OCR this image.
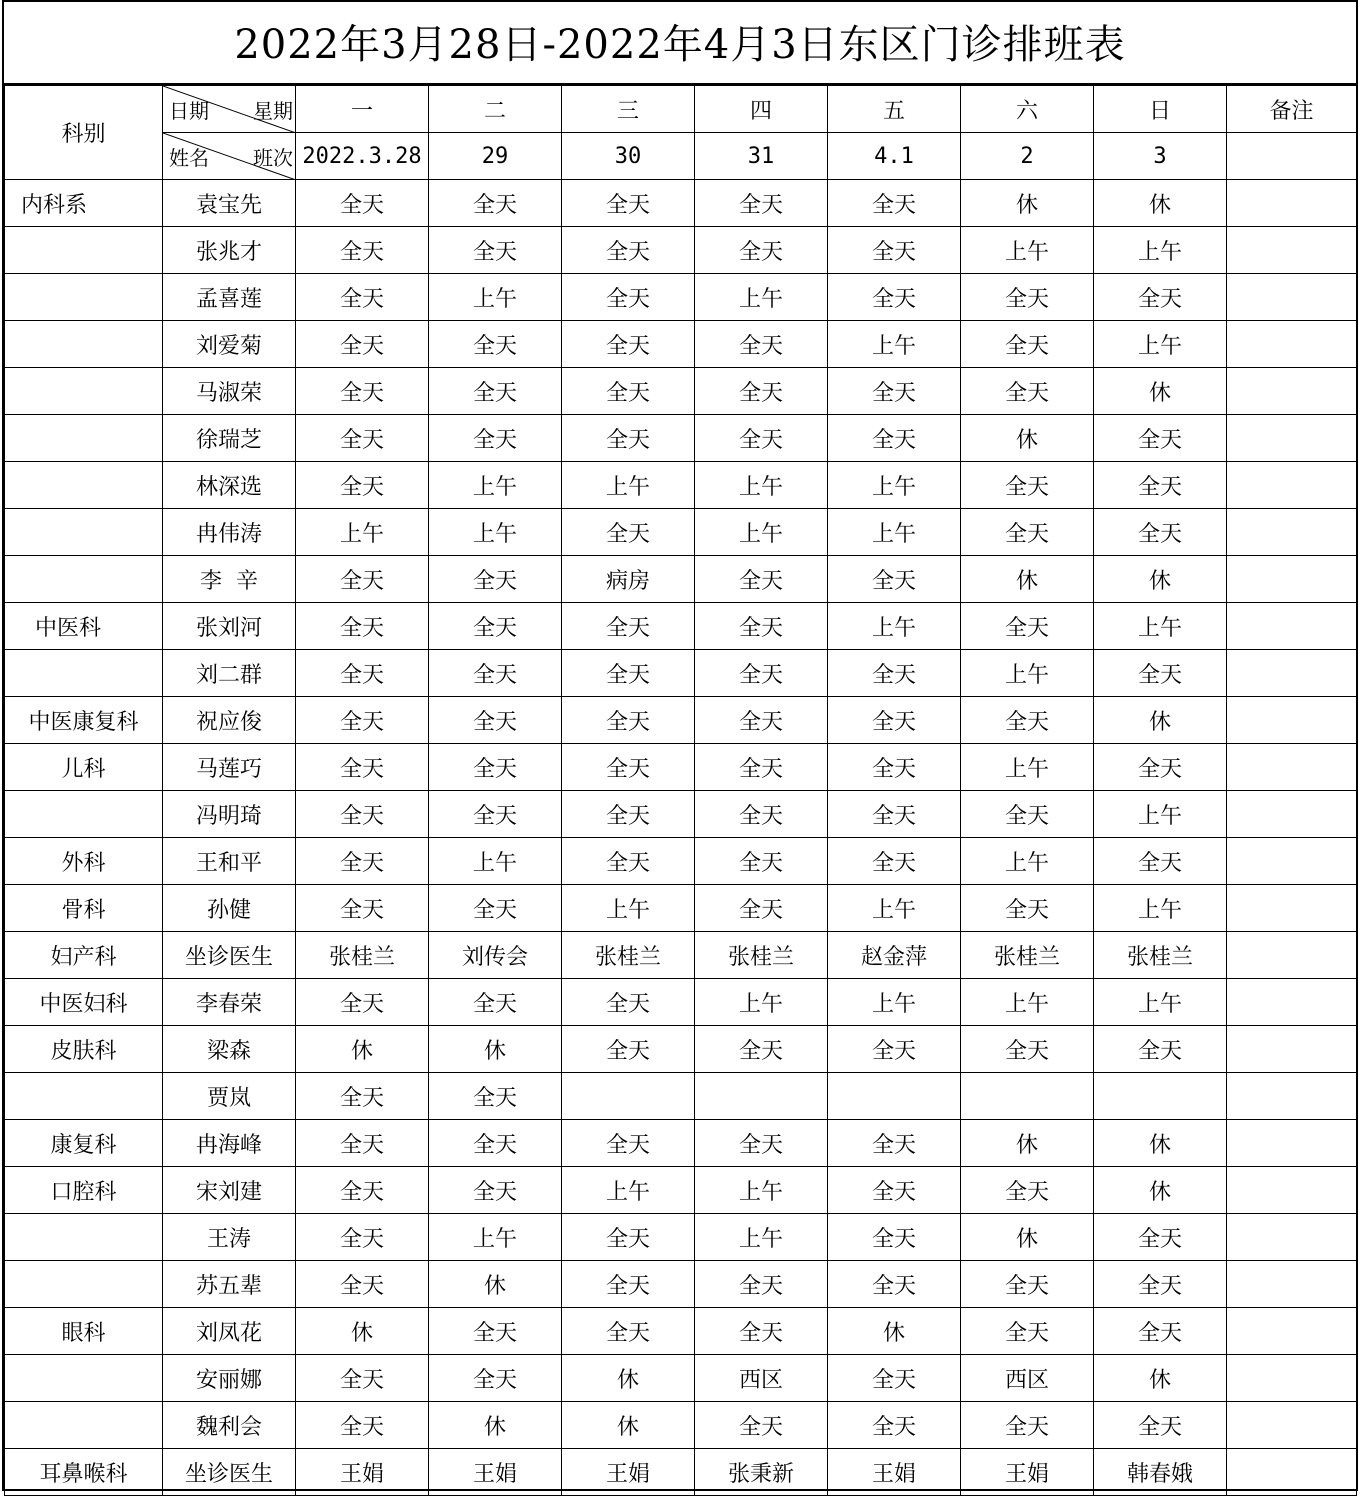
2022年3月28日-2022年4月3日东区门诊排班表
科别	日期 星期	一	二	三	四	五	六	日	备注

	姓名 班次	2022.3.28	29	30	31	4.1	2	3	
内科系	袁宝先	全天	全天	全天	全天	全天	休	休	
	张兆才	全天	全天	全天	全天	全天	上午	上午	
	孟喜莲	全天	上午	全天	上午	全天	全天	全天	
	刘爱菊	全天	全天	全天	全天	上午	全天	上午	
	马淑荣	全天	全天	全天	全天	全天	全天	休	
	徐瑞芝	全天	全天	全天	全天	全天	休	全天	
	林深选	全天	上午	上午	上午	上午	全天	全天	
	冉伟涛	上午	上午	全天	上午	上午	全天	全天	
	李  辛	全天	全天	病房	全天	全天	休	休	
中医科	张刘河	全天	全天	全天	全天	上午	全天	上午	
	刘二群	全天	全天	全天	全天	全天	上午	全天	
中医康复科	祝应俊	全天	全天	全天	全天	全天	全天	休	
儿科	马莲巧	全天	全天	全天	全天	全天	上午	全天	
	冯明琦	全天	全天	全天	全天	全天	全天	上午	
外科	王和平	全天	上午	全天	全天	全天	上午	全天	
骨科	孙健	全天	全天	上午	全天	上午	全天	上午	
妇产科	坐诊医生	张桂兰	刘传会	张桂兰	张桂兰	赵金萍	张桂兰	张桂兰	
中医妇科	李春荣	全天	全天	全天	上午	上午	上午	上午	
皮肤科	梁森	休	休	全天	全天	全天	全天	全天	
	贾岚	全天	全天						
康复科	冉海峰	全天	全天	全天	全天	全天	休	休	
口腔科	宋刘建	全天	全天	上午	上午	全天	全天	休	
	王涛	全天	上午	全天	上午	全天	休	全天	
	苏五辈	全天	休	全天	全天	全天	全天	全天	
眼科	刘凤花	休	全天	全天	全天	休	全天	全天	
	安丽娜	全天	全天	休	西区	全天	西区	休	
	魏利会	全天	休	休	全天	全天	全天	全天	
耳鼻喉科	坐诊医生	王娟	王娟	王娟	张秉新	王娟	王娟	韩春娥	
